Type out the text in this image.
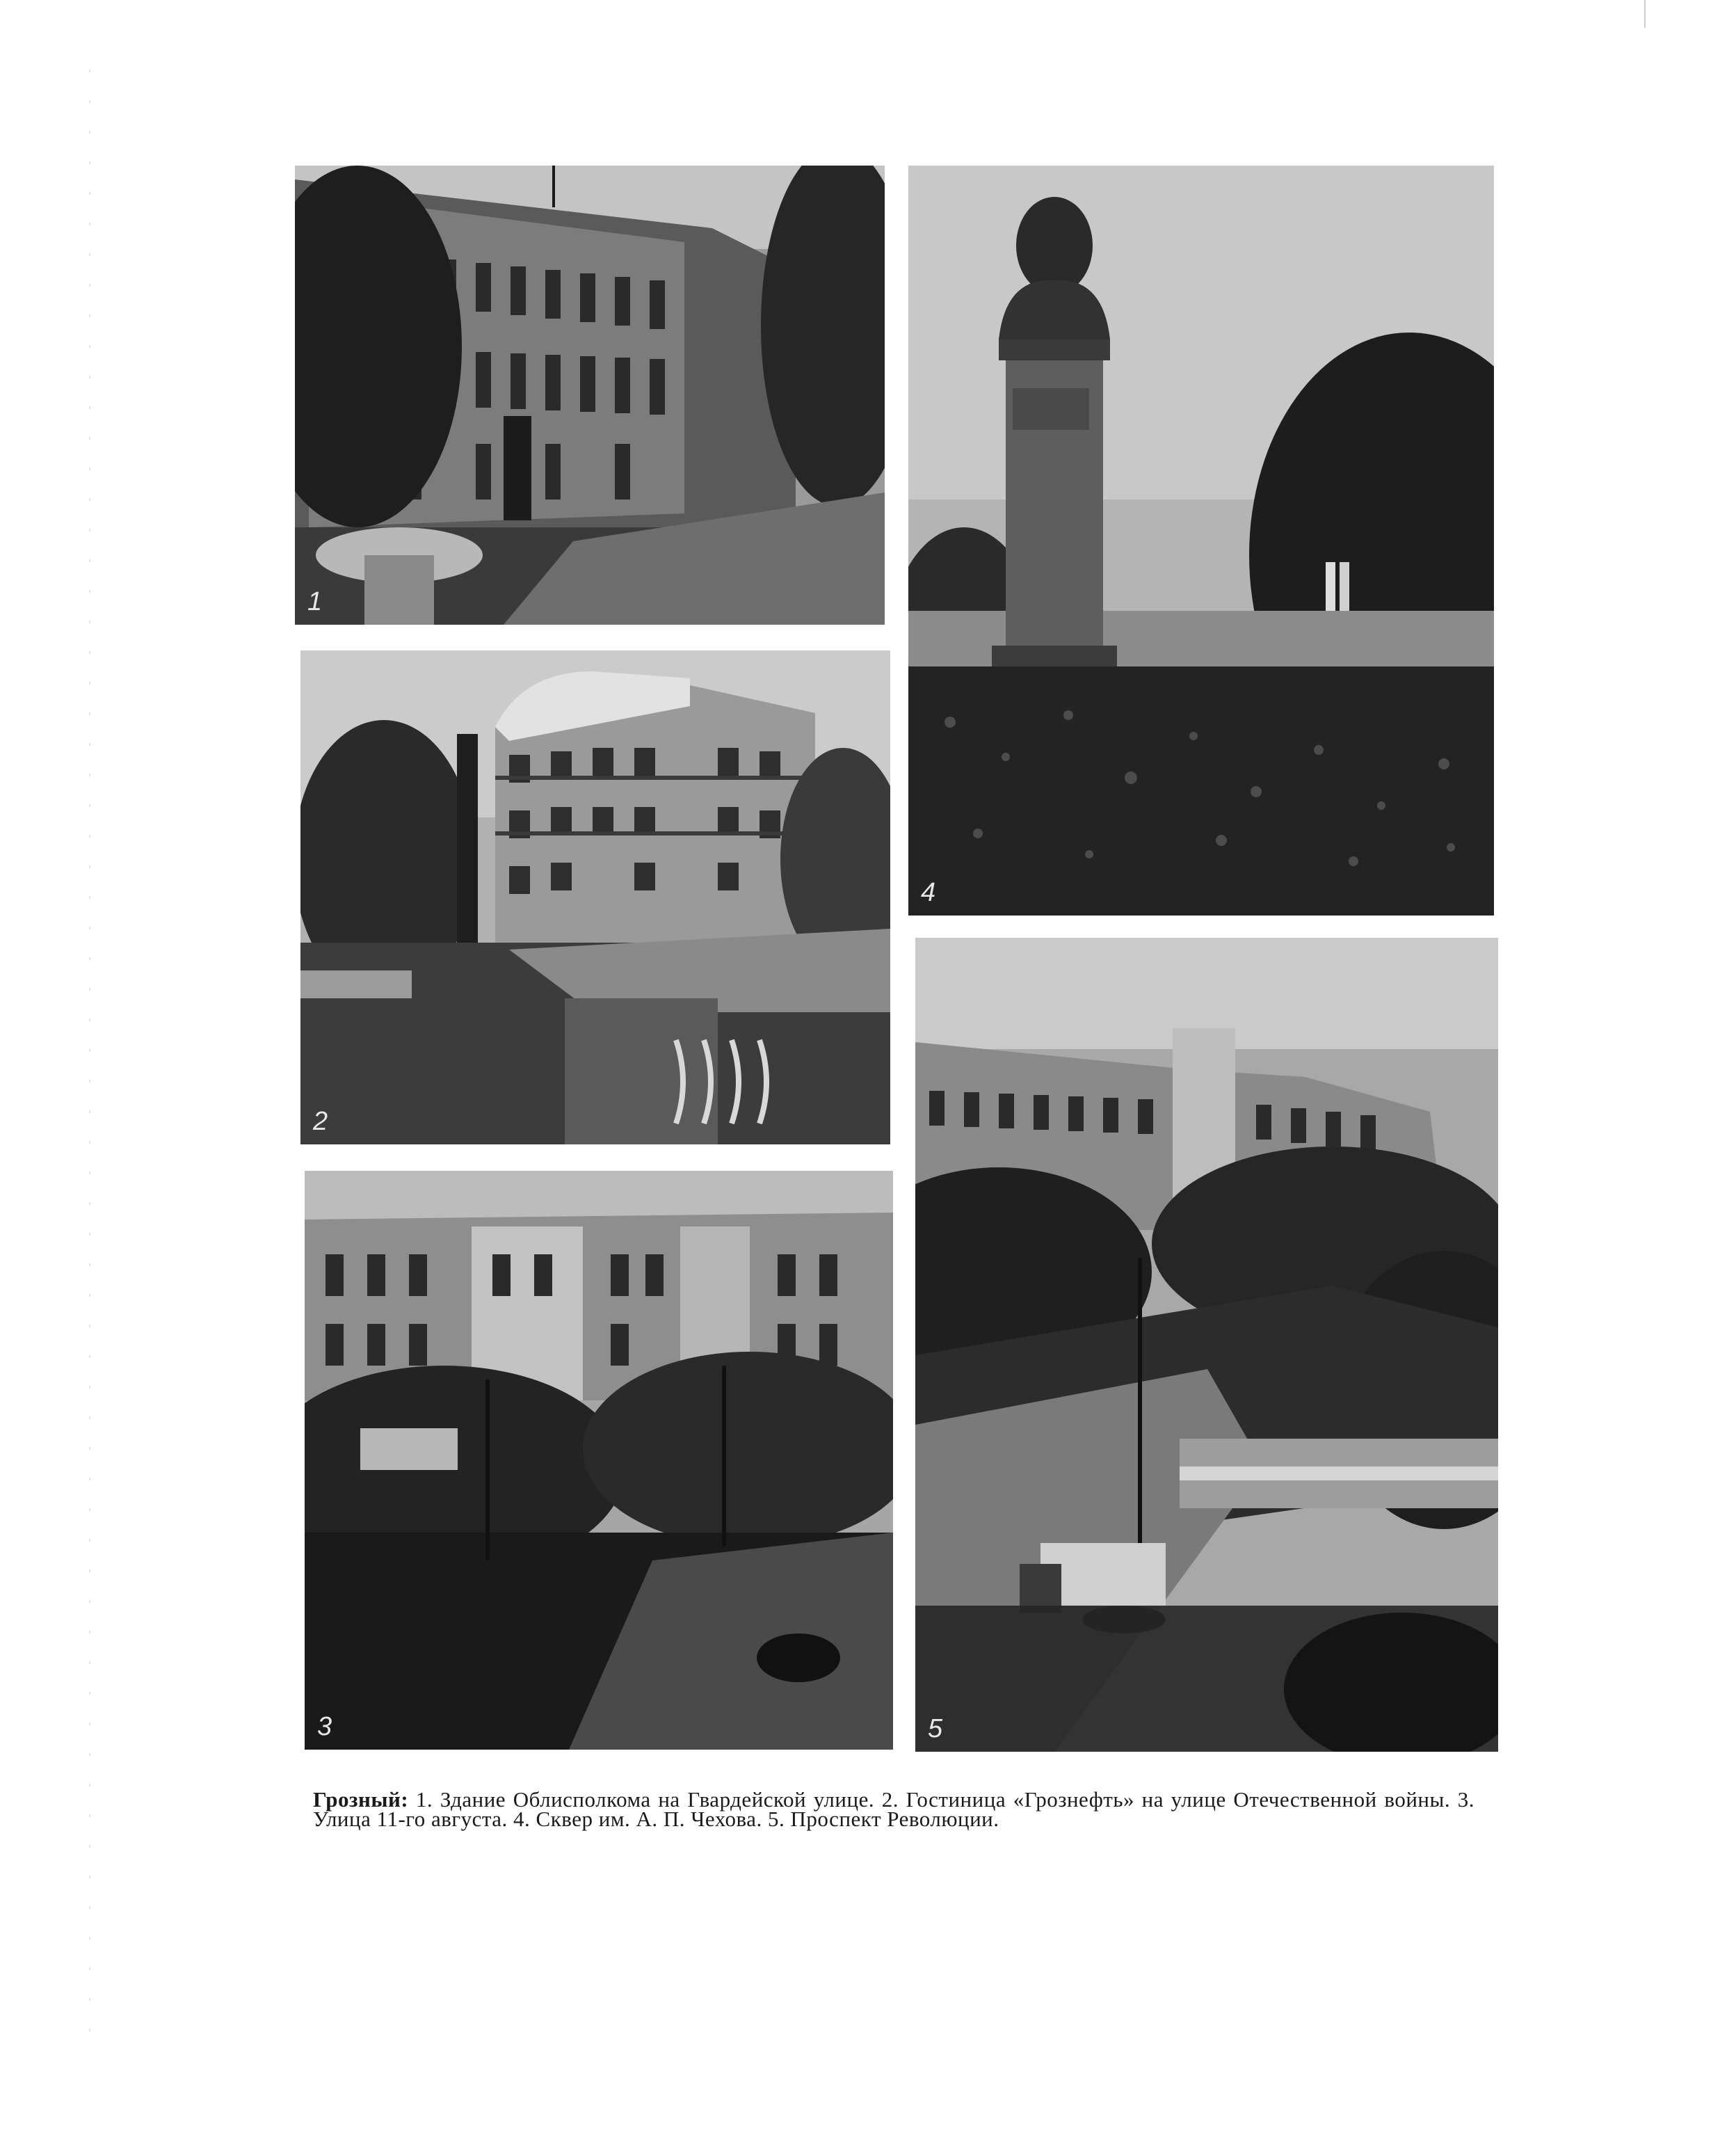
1
4
2
5
3

Грозный: 1. Здание Облисполкома на Гвардейской улице. 2. Гостиница «Грознефть» на улице Отечественной войны. 3. Улица 11-го августа. 4. Сквер им. А. П. Чехова. 5. Проспект Революции.
